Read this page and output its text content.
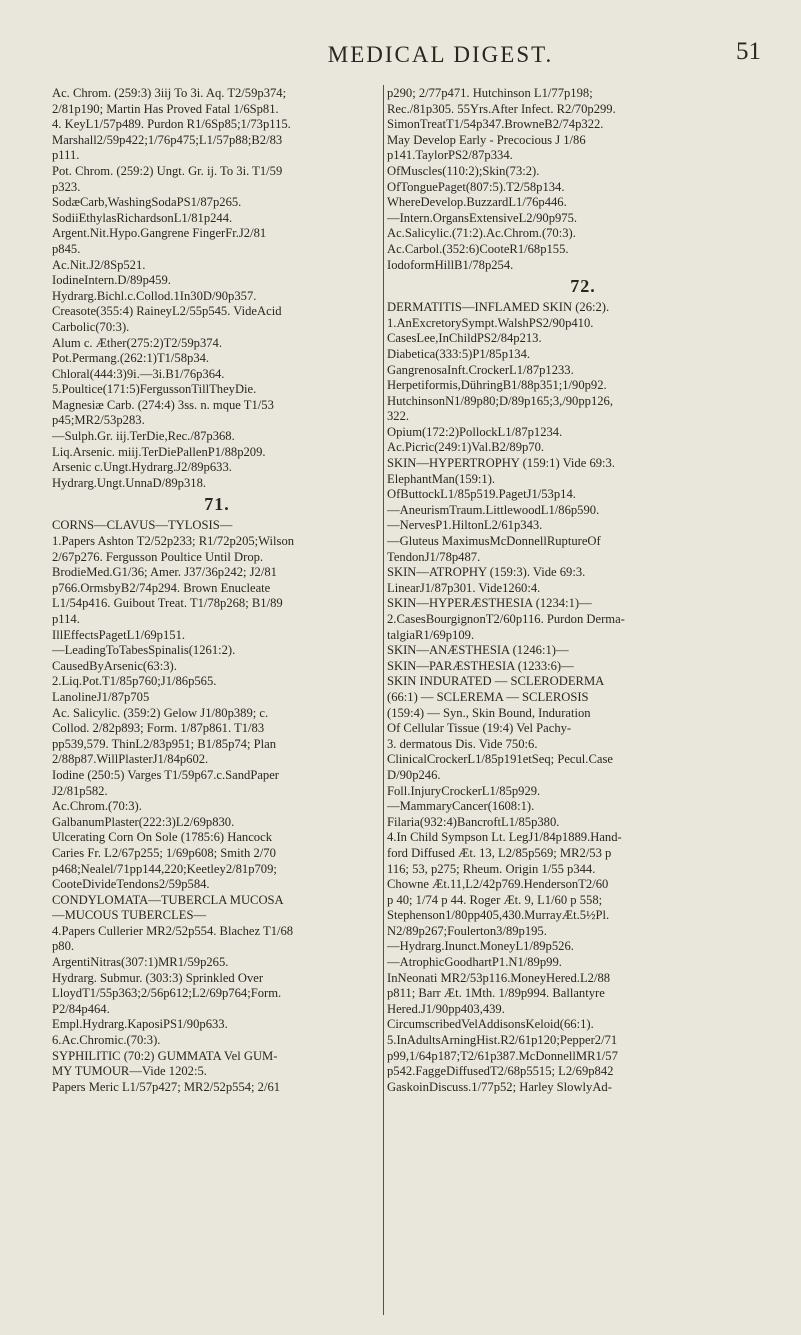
MEDICAL DIGEST.	51
Ac. Chrom. (259:3) 3iij To 3i. Aq. T2/59p374;
2/81p190; Martin Has Proved Fatal 1/6Sp81.
4. KeyL1/57p489. Purdon R1/6Sp85;1/73p115.
Marshall2/59p422;1/76p475;L1/57p88;B2/83
p111.
Pot. Chrom. (259:2) Ungt. Gr. ij. To 3i. T1/59
p323.
SodæCarb,WashingSodaPS1/87p265.
SodiiEthylasRichardsonL1/81p244.
Argent.Nit.Hypo.Gangrene FingerFr.J2/81
p845.
Ac.Nit.J2/8Sp521.
IodineIntern.D/89p459.
Hydrarg.Bichl.c.Collod.1In30D/90p357.
Creasote(355:4) RaineyL2/55p545. VideAcid
Carbolic(70:3).
Alum c. Æther(275:2)T2/59p374.
Pot.Permang.(262:1)T1/58p34.
Chloral(444:3)9i.—3i.B1/76p364.
5.Poultice(171:5)FergussonTillTheyDie.
Magnesiæ Carb. (274:4) 3ss. n. mque T1/53
p45;MR2/53p283.
—Sulph.Gr. iij.TerDie,Rec./87p368.
Liq.Arsenic. miij.TerDiePallenP1/88p209.
Arsenic c.Ungt.Hydrarg.J2/89p633.
Hydrarg.Ungt.UnnaD/89p318.
71.
CORNS—CLAVUS—TYLOSIS—
1.Papers Ashton T2/52p233; R1/72p205;Wilson
2/67p276. Fergusson Poultice Until Drop.
BrodieMed.G1/36; Amer. J37/36p242; J2/81
p766.OrmsbyB2/74p294. Brown Enucleate
L1/54p416. Guibout Treat. T1/78p268; B1/89
p114.
IllEffectsPagetL1/69p151.
—LeadingToTabesSpinalis(1261:2).
CausedByArsenic(63:3).
2.Liq.Pot.T1/85p760;J1/86p565.
LanolineJ1/87p705
Ac. Salicylic. (359:2) Gelow J1/80p389; c.
Collod. 2/82p893; Form. 1/87p861. T1/83
pp539,579. ThinL2/83p951; B1/85p74; Plan
2/88p87.WillPlasterJ1/84p602.
Iodine (250:5) Varges T1/59p67.c.SandPaper
J2/81p582.
Ac.Chrom.(70:3).
GalbanumPlaster(222:3)L2/69p830.
Ulcerating Corn On Sole (1785:6) Hancock
Caries Fr. L2/67p255; 1/69p608; Smith 2/70
p468;Nealel/71pp144,220;Keetley2/81p709;
CooteDivideTendons2/59p584.
CONDYLOMATA—TUBERCLA MUCOSA
—MUCOUS TUBERCLES—
4.Papers Cullerier MR2/52p554. Blachez T1/68
p80.
ArgentiNitras(307:1)MR1/59p265.
Hydrarg. Submur. (303:3) Sprinkled Over
LloydT1/55p363;2/56p612;L2/69p764;Form.
P2/84p464.
Empl.Hydrarg.KaposiPS1/90p633.
6.Ac.Chromic.(70:3).
SYPHILITIC (70:2) GUMMATA Vel GUM-
MY TUMOUR—Vide 1202:5.
Papers Meric L1/57p427; MR2/52p554; 2/61
p290; 2/77p471. Hutchinson L1/77p198;
Rec./81p305. 55Yrs.After Infect. R2/70p299.
SimonTreatT1/54p347.BrowneB2/74p322.
May Develop Early - Precocious J 1/86
p141.TaylorPS2/87p334.
OfMuscles(110:2);Skin(73:2).
OfTonguePaget(807:5).T2/58p134.
WhereDevelop.BuzzardL1/76p446.
—Intern.OrgansExtensiveL2/90p975.
Ac.Salicylic.(71:2).Ac.Chrom.(70:3).
Ac.Carbol.(352:6)CooteR1/68p155.
IodoformHillB1/78p254.
72.
DERMATITIS—INFLAMED SKIN (26:2).
1.AnExcretorySympt.WalshPS2/90p410.
CasesLee,InChildPS2/84p213.
Diabetica(333:5)P1/85p134.
GangrenosaInft.CrockerL1/87p1233.
Herpetiformis,DühringB1/88p351;1/90p92.
HutchinsonN1/89p80;D/89p165;3,/90pp126,
322.
Opium(172:2)PollockL1/87p1234.
Ac.Picric(249:1)Val.B2/89p70.
SKIN—HYPERTROPHY (159:1) Vide 69:3.
ElephantMan(159:1).
OfButtockL1/85p519.PagetJ1/53p14.
—AneurismTraum.LittlewoodL1/86p590.
—NervesP1.HiltonL2/61p343.
—Gluteus MaximusMcDonnellRuptureOf
TendonJ1/78p487.
SKIN—ATROPHY (159:3). Vide 69:3.
LinearJ1/87p301. Vide1260:4.
SKIN—HYPERÆSTHESIA (1234:1)—
2.CasesBourgignonT2/60p116. Purdon Derma-
talgiaR1/69p109.
SKIN—ANÆSTHESIA (1246:1)—
SKIN—PARÆSTHESIA (1233:6)—
SKIN INDURATED — SCLERODERMA
(66:1) — SCLEREMA — SCLEROSIS
(159:4) — Syn., Skin Bound, Induration
Of Cellular Tissue (19:4) Vel Pachy-
3. dermatous Dis. Vide 750:6.
ClinicalCrockerL1/85p191etSeq; Pecul.Case
D/90p246.
Foll.InjuryCrockerL1/85p929.
—MammaryCancer(1608:1).
Filaria(932:4)BancroftL1/85p380.
4.In Child Sympson Lt. LegJ1/84p1889.Hand-
ford Diffused Æt. 13, L2/85p569; MR2/53 p
116; 53, p275; Rheum. Origin 1/55 p344.
Chowne Æt.11,L2/42p769.HendersonT2/60
p 40; 1/74 p 44. Roger Æt. 9, L1/60 p 558;
Stephenson1/80pp405,430.MurrayÆt.5½Pl.
N2/89p267;Foulerton3/89p195.
—Hydrarg.Inunct.MoneyL1/89p526.
—AtrophicGoodhartP1.N1/89p99.
InNeonati MR2/53p116.MoneyHered.L2/88
p811; Barr Æt. 1Mth. 1/89p994. Ballantyre
Hered.J1/90pp403,439.
CircumscribedVelAddisonsKeloid(66:1).
5.InAdultsArningHist.R2/61p120;Pepper2/71
p99,1/64p187;T2/61p387.McDonnellMR1/57
p542.FaggeDiffusedT2/68p5515; L2/69p842
GaskoinDiscuss.1/77p52; Harley SlowlyAd-
